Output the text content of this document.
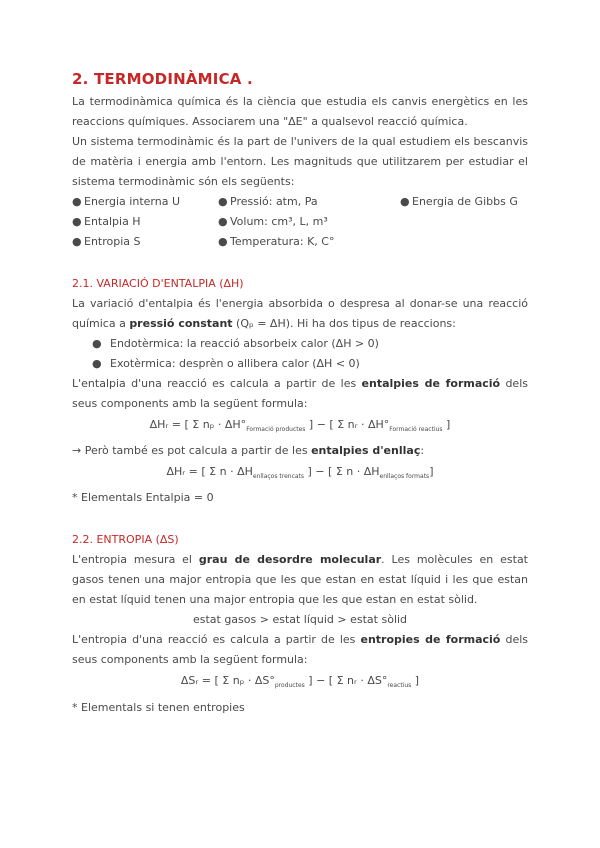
2. TERMODINÀMICA .

La termodinàmica química és la ciència que estudia els canvis energètics en les reaccions químiques. Associarem una "ΔE" a qualsevol reacció química.

Un sistema termodinàmic és la part de l'univers de la qual estudiem els bescanvis de matèria i energia amb l'entorn. Les magnituds que utilitzarem per estudiar el sistema termodinàmic són els següents:

● Energia interna U	● Pressió: atm, Pa	● Energia de Gibbs G
● Entalpia H	● Volum: cm³, L, m³
● Entropia S	● Temperatura: K, C°
2.1. VARIACIÓ D'ENTALPIA (ΔH)

La variació d'entalpia és l'energia absorbida o despresa al donar-se una reacció química a pressió constant (Qₚ = ΔH). Hi ha dos tipus de reaccions:

● Endotèrmica: la reacció absorbeix calor (ΔH > 0)
● Exotèrmica: desprèn o allibera calor (ΔH < 0)

L'entalpia d'una reacció es calcula a partir de les entalpies de formació dels seus components amb la següent formula:

ΔHᵣ = [ Σ $n_p \cdot \Delta H^\circ_{Formació productes}$ ] − [ Σ nᵣ · $\Delta H^\circ_{Formació reactius}$ ]

→ Però també es pot calcula a partir de les entalpies d'enllaç:

ΔHᵣ = [ Σ $n \cdot \Delta H_{enllaços trencats}$ ] − [ Σ $n \cdot \Delta H_{enllaços formats}$]
* Elementals Entalpia = 0
2.2. ENTROPIA (ΔS)

L'entropia mesura el grau de desordre molecular. Les molècules en estat gasos tenen una major entropia que les que estan en estat líquid i les que estan en estat líquid tenen una major entropia que les que estan en estat sòlid.

estat gasos > estat líquid > estat sòlid

L'entropia d'una reacció es calcula a partir de les entropies de formació dels seus components amb la següent formula:

ΔSᵣ = [ Σ $n_p \cdot \Delta S^\circ_{productes}$ ] − [ Σ nᵣ · $\Delta S^\circ_{reactius}$ ]
* Elementals si tenen entropies
